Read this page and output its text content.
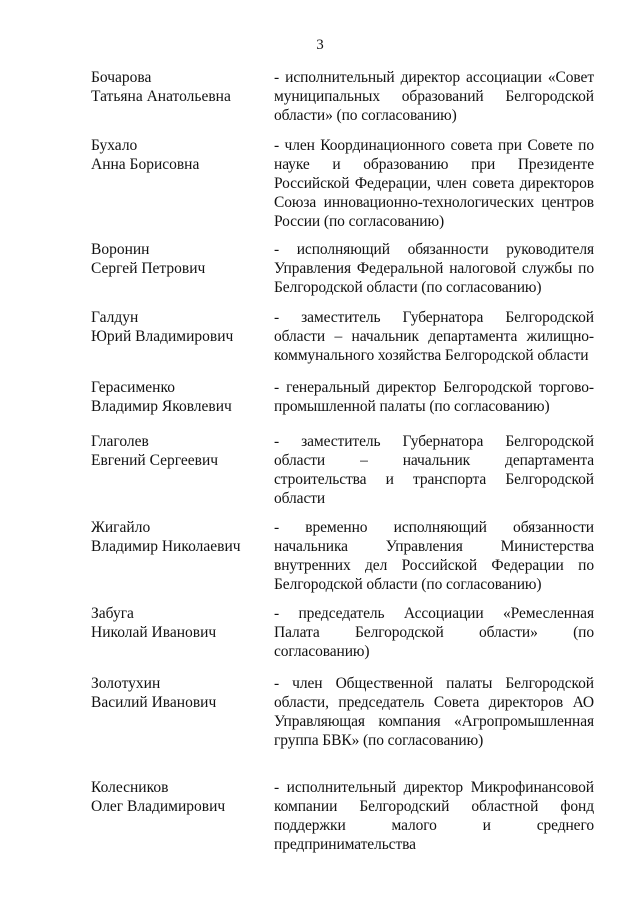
3
Бочарова
Татьяна Анатольевна
- исполнительный директор ассоциации «Совет муниципальных образований Белгородской области» (по согласованию)
Бухало
Анна Борисовна
- член Координационного совета при Совете по науке и образованию при Президенте Российской Федерации, член совета директоров Союза инновационно-технологических центров России (по согласованию)
Воронин
Сергей Петрович
- исполняющий обязанности руководителя Управления Федеральной налоговой службы по Белгородской области (по согласованию)
Галдун
Юрий Владимирович
- заместитель Губернатора Белгородской области – начальник департамента жилищно-коммунального хозяйства Белгородской области
Герасименко
Владимир Яковлевич
- генеральный директор Белгородской торгово-промышленной палаты (по согласованию)
Глаголев
Евгений Сергеевич
- заместитель Губернатора Белгородской области – начальник департамента строительства и транспорта Белгородской области
Жигайло
Владимир Николаевич
- временно исполняющий обязанности начальника Управления Министерства внутренних дел Российской Федерации по Белгородской области (по согласованию)
Забуга
Николай Иванович
- председатель Ассоциации «Ремесленная Палата Белгородской области» (по согласованию)
Золотухин
Василий Иванович
- член Общественной палаты Белгородской области, председатель Совета директоров АО Управляющая компания «Агропромышленная группа БВК» (по согласованию)
Колесников
Олег Владимирович
- исполнительный директор Микрофинансовой компании Белгородский областной фонд поддержки малого и среднего предпринимательства
